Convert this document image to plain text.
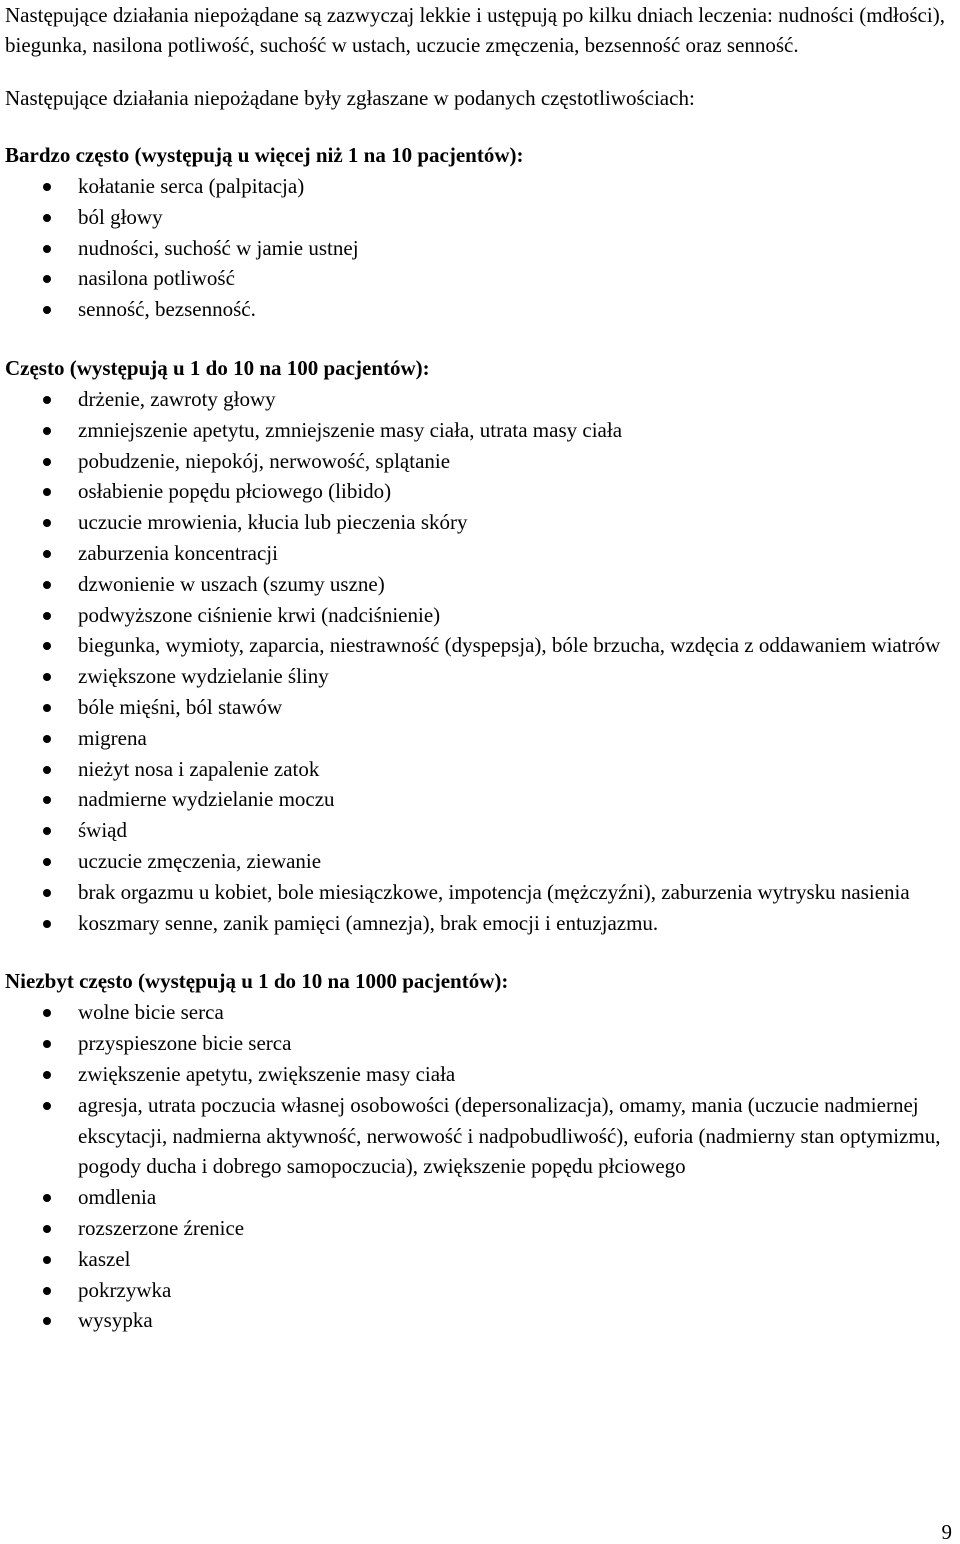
Następujące działania niepożądane są zazwyczaj lekkie i ustępują po kilku dniach leczenia: nudności (mdłości), biegunka, nasilona potliwość, suchość w ustach, uczucie zmęczenia, bezsenność oraz senność.

Następujące działania niepożądane były zgłaszane w podanych częstotliwościach:

Bardzo często (występują u więcej niż 1 na 10 pacjentów):

kołatanie serca (palpitacja)
ból głowy
nudności, suchość w jamie ustnej
nasilona potliwość
senność, bezsenność.

Często (występują u 1 do 10 na 100 pacjentów):

drżenie, zawroty głowy
zmniejszenie apetytu, zmniejszenie masy ciała, utrata masy ciała
pobudzenie, niepokój, nerwowość, splątanie
osłabienie popędu płciowego (libido)
uczucie mrowienia, kłucia lub pieczenia skóry
zaburzenia koncentracji
dzwonienie w uszach (szumy uszne)
podwyższone ciśnienie krwi (nadciśnienie)
biegunka, wymioty, zaparcia, niestrawność (dyspepsja), bóle brzucha, wzdęcia z oddawaniem wiatrów
zwiększone wydzielanie śliny
bóle mięśni, ból stawów
migrena
nieżyt nosa i zapalenie zatok
nadmierne wydzielanie moczu
świąd
uczucie zmęczenia, ziewanie
brak orgazmu u kobiet, bole miesiączkowe, impotencja (mężczyźni), zaburzenia wytrysku nasienia
koszmary senne, zanik pamięci (amnezja), brak emocji i entuzjazmu.

Niezbyt często (występują u 1 do 10 na 1000 pacjentów):

wolne bicie serca
przyspieszone bicie serca
zwiększenie apetytu, zwiększenie masy ciała
agresja, utrata poczucia własnej osobowości (depersonalizacja), omamy, mania (uczucie nadmiernej ekscytacji, nadmierna aktywność, nerwowość i nadpobudliwość), euforia (nadmierny stan optymizmu, pogody ducha i dobrego samopoczucia), zwiększenie popędu płciowego
omdlenia
rozszerzone źrenice
kaszel
pokrzywka
wysypka
9
